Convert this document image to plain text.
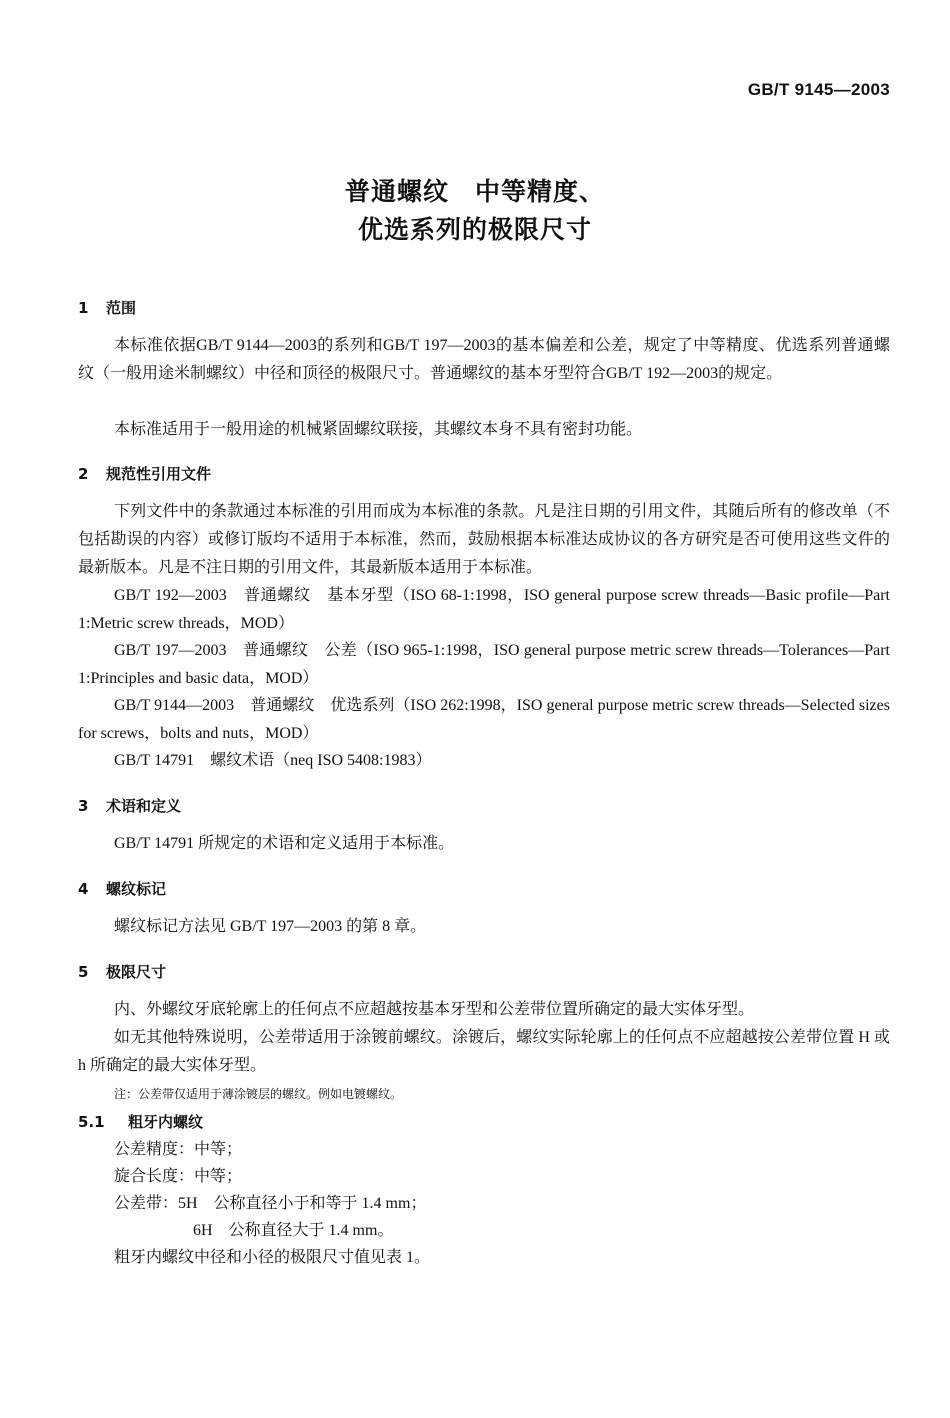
GB/T 9145—2003
普通螺纹　中等精度、
优选系列的极限尺寸
1 范围
本标准依据GB/T 9144—2003的系列和GB/T 197—2003的基本偏差和公差，规定了中等精度、优选系列普通螺纹（一般用途米制螺纹）中径和顶径的极限尺寸。普通螺纹的基本牙型符合GB/T 192—2003的规定。
本标准适用于一般用途的机械紧固螺纹联接，其螺纹本身不具有密封功能。
2 规范性引用文件
下列文件中的条款通过本标准的引用而成为本标准的条款。凡是注日期的引用文件，其随后所有的修改单（不包括勘误的内容）或修订版均不适用于本标准，然而，鼓励根据本标准达成协议的各方研究是否可使用这些文件的最新版本。凡是不注日期的引用文件，其最新版本适用于本标准。
GB/T 192—2003　普通螺纹　基本牙型（ISO 68-1:1998，ISO general purpose screw threads—Basic profile—Part 1:Metric screw threads，MOD）
GB/T 197—2003　普通螺纹　公差（ISO 965-1:1998，ISO general purpose metric screw threads—Tolerances—Part 1:Principles and basic data，MOD）
GB/T 9144—2003　普通螺纹　优选系列（ISO 262:1998，ISO general purpose metric screw threads—Selected sizes for screws，bolts and nuts，MOD）
GB/T 14791　螺纹术语（neq ISO 5408:1983）
3 术语和定义
GB/T 14791 所规定的术语和定义适用于本标准。
4 螺纹标记
螺纹标记方法见 GB/T 197—2003 的第 8 章。
5 极限尺寸
内、外螺纹牙底轮廓上的任何点不应超越按基本牙型和公差带位置所确定的最大实体牙型。
如无其他特殊说明，公差带适用于涂镀前螺纹。涂镀后，螺纹实际轮廓上的任何点不应超越按公差带位置 H 或 h 所确定的最大实体牙型。
注：公差带仅适用于薄涂镀层的螺纹。例如电镀螺纹。
5.1 粗牙内螺纹
公差精度：中等；
旋合长度：中等；
公差带：5H　公称直径小于和等于 1.4 mm；
6H　公称直径大于 1.4 mm。
粗牙内螺纹中径和小径的极限尺寸值见表 1。
